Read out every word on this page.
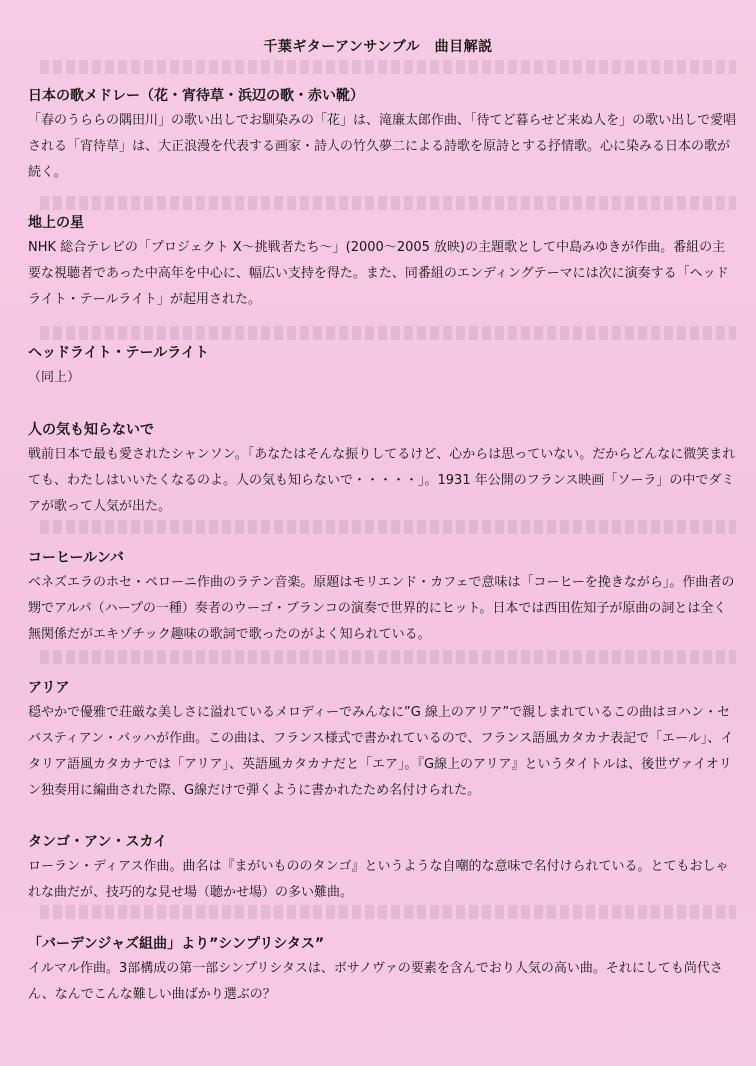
千葉ギターアンサンブル　曲目解説
日本の歌メドレー（花・宵待草・浜辺の歌・赤い靴）

「春のうららの隅田川」の歌い出しでお馴染みの「花」は、滝廉太郎作曲、「待てど暮らせど来ぬ人を」の歌い出しで愛唱される「宵待草」は、大正浪漫を代表する画家・詩人の竹久夢二による詩歌を原詩とする抒情歌。心に染みる日本の歌が続く。

地上の星

NHK 総合テレビの「プロジェクト X～挑戦者たち～」(2000～2005 放映)の主題歌として中島みゆきが作曲。番組の主要な視聴者であった中高年を中心に、幅広い支持を得た。また、同番組のエンディングテーマには次に演奏する「ヘッドライト・テールライト」が起用された。

ヘッドライト・テールライト

（同上）

人の気も知らないで

戦前日本で最も愛されたシャンソン。「あなたはそんな振りしてるけど、心からは思っていない。だからどんなに微笑まれても、わたしはいいたくなるのよ。人の気も知らないで・・・・・」。1931 年公開のフランス映画「ソーラ」の中でダミアが歌って人気が出た。

コーヒールンバ

ベネズエラのホセ・ペローニ作曲のラテン音楽。原題はモリエンド・カフェで意味は「コーヒーを挽きながら」。作曲者の甥でアルパ（ハープの一種）奏者のウーゴ・ブランコの演奏で世界的にヒット。日本では西田佐知子が原曲の詞とは全く無関係だがエキゾチック趣味の歌詞で歌ったのがよく知られている。

アリア

穏やかで優雅で荘厳な美しさに溢れているメロディーでみんなに”G 線上のアリア”で親しまれているこの曲はヨハン・セバスティアン・バッハが作曲。この曲は、フランス様式で書かれているので、フランス語風カタカナ表記で「エール」、イタリア語風カタカナでは「アリア」、英語風カタカナだと「エア」。『G線上のアリア』というタイトルは、後世ヴァイオリン独奏用に編曲された際、G線だけで弾くように書かれたため名付けられた。

タンゴ・アン・スカイ

ローラン・ディアス作曲。曲名は『まがいもののタンゴ』というような自嘲的な意味で名付けられている。とてもおしゃれな曲だが、技巧的な見せ場（聴かせ場）の多い難曲。

「バーデンジャズ組曲」より”シンプリシタス”

イルマル作曲。3部構成の第一部シンプリシタスは、ボサノヴァの要素を含んでおり人気の高い曲。それにしても尚代さん、なんでこんな難しい曲ばかり選ぶの？
